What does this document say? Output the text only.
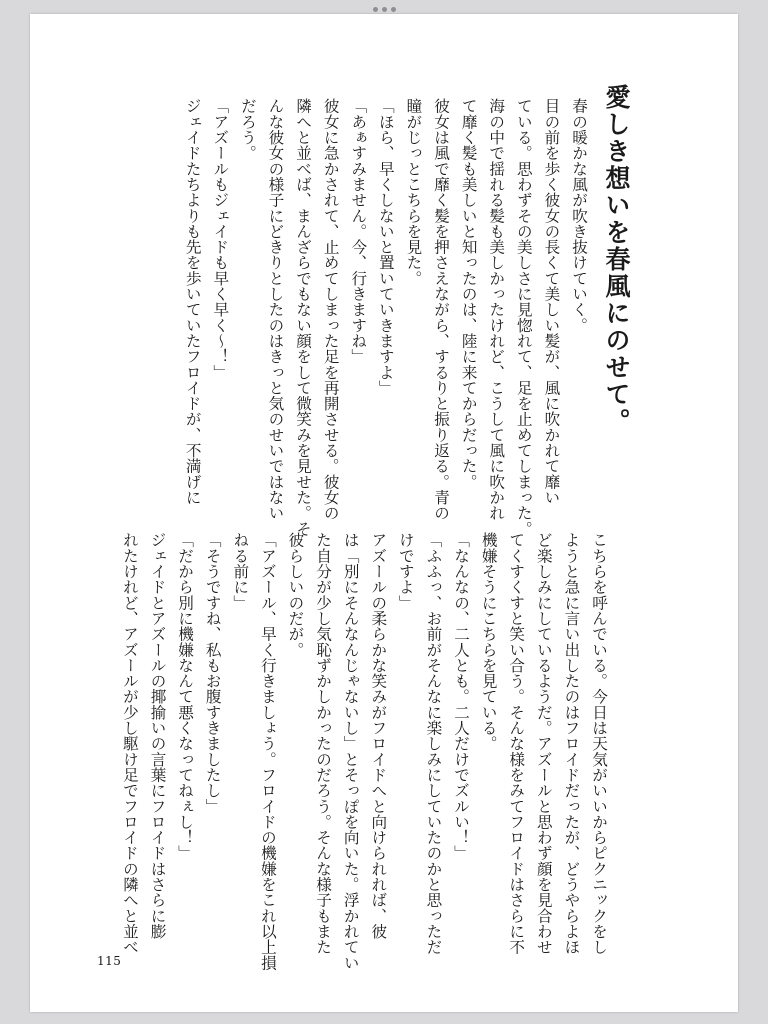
愛しき想いを春風にのせて。

春の暖かな風が吹き抜けていく。

目の前を歩く彼女の長くて美しい髪が、風に吹かれて靡い

ている。思わずその美しさに見惚れて、足を止めてしまった。

海の中で揺れる髪も美しかったけれど、こうして風に吹かれ

て靡く髪も美しいと知ったのは、陸に来てからだった。

彼女は風で靡く髪を押さえながら、するりと振り返る。青の

瞳がじっとこちらを見た。

「ほら、早くしないと置いていきますよ」

「あぁすみません。今、行きますね」

彼女に急かされて、止めてしまった足を再開させる。彼女の

隣へと並べば、まんざらでもない顔をして微笑みを見せた。そ

んな彼女の様子にどきりとしたのはきっと気のせいではない

だろう。

「アズールもジェイドも早く早く〜！」

ジェイドたちよりも先を歩いていたフロイドが、不満げに

こちらを呼んでいる。今日は天気がいいからピクニックをし

ようと急に言い出したのはフロイドだったが、どうやらよほ

ど楽しみにしているようだ。アズールと思わず顔を見合わせ

てくすくすと笑い合う。そんな様をみてフロイドはさらに不

機嫌そうにこちらを見ている。

「なんなの、二人とも。二人だけでズルい！」

「ふふっ、お前がそんなに楽しみにしていたのかと思っただ

けですよ」

アズールの柔らかな笑みがフロイドへと向けられれば、彼

は「別にそんなんじゃないし」とそっぽを向いた。浮かれてい

た自分が少し気恥ずかしかったのだろう。そんな様子もまた

彼らしいのだが。

「アズール、早く行きましょう。フロイドの機嫌をこれ以上損

ねる前に」

「そうですね、私もお腹すきましたし」

「だから別に機嫌なんて悪くなってねぇし！」

ジェイドとアズールの揶揄いの言葉にフロイドはさらに膨

れたけれど、アズールが少し駆け足でフロイドの隣へと並べ

115
